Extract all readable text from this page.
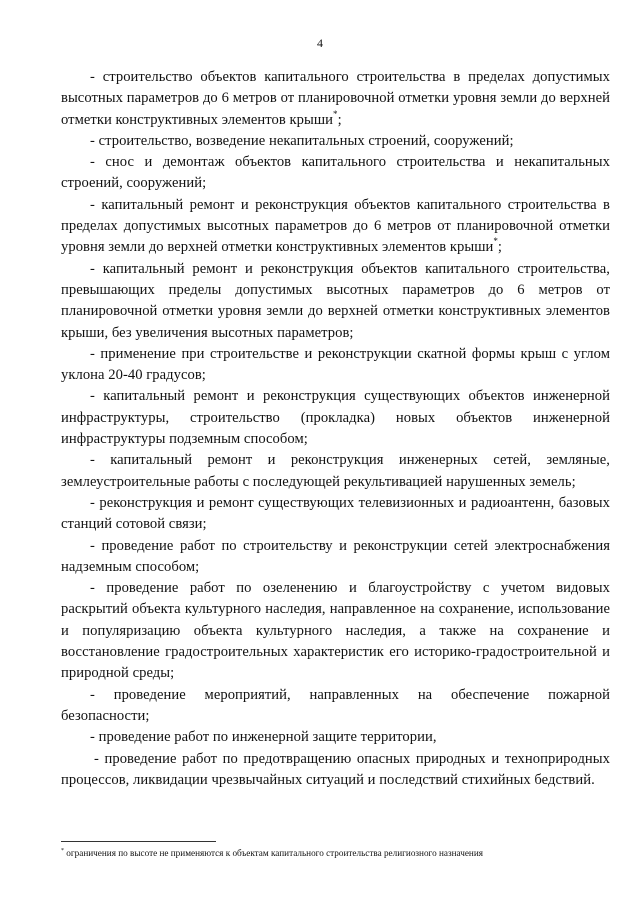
4

- строительство объектов капитального строительства в пределах допустимых высотных параметров до 6 метров от планировочной отметки уровня земли до верхней отметки конструктивных элементов крыши*;

- строительство, возведение некапитальных строений, сооружений;

- снос и демонтаж объектов капитального строительства и некапитальных строений, сооружений;

- капитальный ремонт и реконструкция объектов капитального строительства в пределах допустимых высотных параметров до 6 метров от планировочной отметки уровня земли до верхней отметки конструктивных элементов крыши*;

- капитальный ремонт и реконструкция объектов капитального строительства, превышающих пределы допустимых высотных параметров до 6 метров от планировочной отметки уровня земли до верхней отметки конструктивных элементов крыши, без увеличения высотных параметров;

- применение при строительстве и реконструкции скатной формы крыш с углом уклона 20-40 градусов;

- капитальный ремонт и реконструкция существующих объектов инженерной инфраструктуры, строительство (прокладка) новых объектов инженерной инфраструктуры подземным способом;

- капитальный ремонт и реконструкция инженерных сетей, земляные, землеустроительные работы с последующей рекультивацией нарушенных земель;

- реконструкция и ремонт существующих телевизионных и радиоантенн, базовых станций сотовой связи;

- проведение работ по строительству и реконструкции сетей электроснабжения надземным способом;

- проведение работ по озеленению и благоустройству с учетом видовых раскрытий объекта культурного наследия, направленное на сохранение, использование и популяризацию объекта культурного наследия, а также на сохранение и восстановление градостроительных характеристик его историко-градостроительной и природной среды;

- проведение мероприятий, направленных на обеспечение пожарной безопасности;

- проведение работ по инженерной защите территории,

- проведение работ по предотвращению опасных природных и техноприродных процессов, ликвидации чрезвычайных ситуаций и последствий стихийных бедствий.

* ограничения по высоте не применяются к объектам капитального строительства религиозного назначения
